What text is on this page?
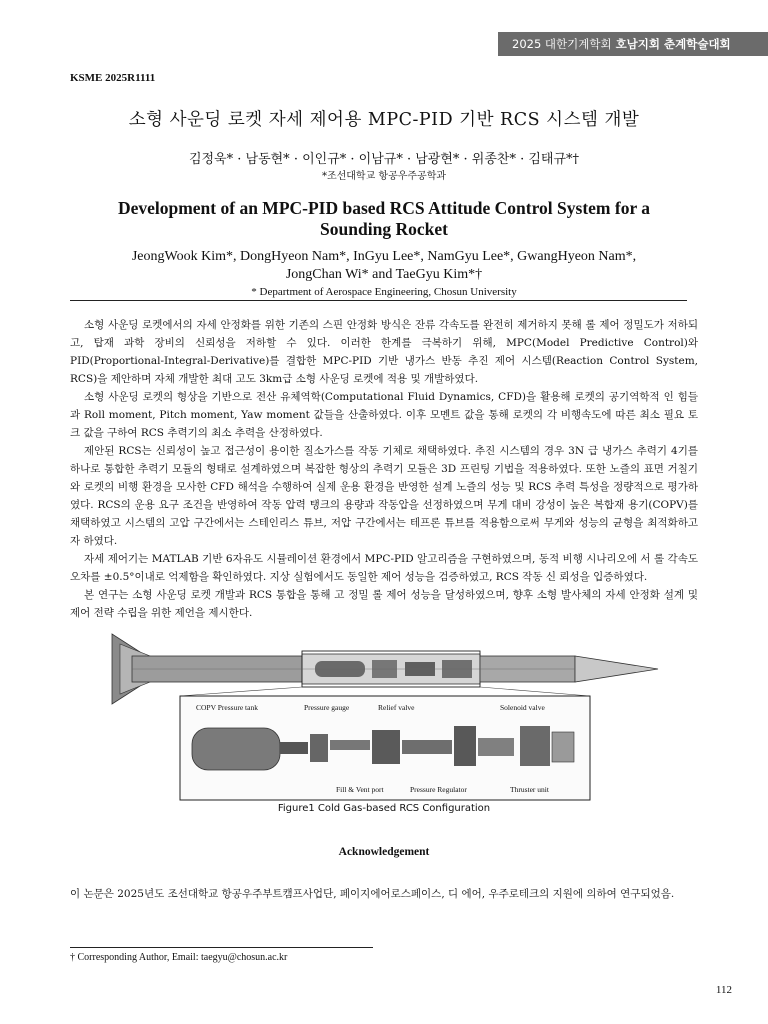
2025 대한기계학회 호남지회 춘계학술대회
KSME 2025R1111
소형 사운딩 로켓 자세 제어용 MPC-PID 기반 RCS 시스템 개발
김정욱* · 남동현* · 이인규* · 이남규* · 남광현* · 위종찬* · 김태규*†
*조선대학교 항공우주공학과
Development of an MPC-PID based RCS Attitude Control System for a
Sounding Rocket
JeongWook Kim*, DongHyeon Nam*, InGyu Lee*, NamGyu Lee*, GwangHyeon Nam*,
JongChan Wi* and TaeGyu Kim*†
* Department of Aerospace Engineering, Chosun University

소형 사운딩 로켓에서의 자세 안정화를 위한 기존의 스핀 안정화 방식은 잔류 각속도를 완전히 제거하지 못해 롤 제어 정밀도가 저하되고, 탑재 과학 장비의 신뢰성을 저하할 수 있다. 이러한 한계를 극복하기 위해, MPC(Model Predictive Control)와 PID(Proportional-Integral-Derivative)를 결합한 MPC-PID 기반 냉가스 반동 추진 제어 시스템(Reaction Control System, RCS)을 제안하며 자체 개발한 최대 고도 3km급 소형 사운딩 로켓에 적용 및 개발하였다.

소형 사운딩 로켓의 형상을 기반으로 전산 유체역학(Computational Fluid Dynamics, CFD)을 활용해 로켓의 공기역학적 인 힘들과 Roll moment, Pitch moment, Yaw moment 값들을 산출하였다. 이후 모멘트 값을 통해 로켓의 각 비행속도에 따른 최소 필요 토크 값을 구하여 RCS 추력기의 최소 추력을 산정하였다.

제안된 RCS는 신뢰성이 높고 접근성이 용이한 질소가스를 작동 기체로 채택하였다. 추진 시스템의 경우 3N 급 냉가스 추력기 4기를 하나로 통합한 추력기 모듈의 형태로 설계하였으며 복잡한 형상의 추력기 모듈은 3D 프린팅 기법을 적용하였다. 또한 노즐의 표면 거칠기와 로켓의 비행 환경을 모사한 CFD 해석을 수행하여 실제 운용 환경을 반영한 설계 노즐의 성능 및 RCS 추력 특성을 정량적으로 평가하였다. RCS의 운용 요구 조건을 반영하여 작동 압력 탱크의 용량과 작동압을 선정하였으며 무게 대비 강성이 높은 복합재 용기(COPV)를 채택하였고 시스템의 고압 구간에서는 스테인리스 튜브, 저압 구간에서는 테프론 튜브를 적용함으로써 무게와 성능의 균형을 최적화하고자 하였다.

자세 제어기는 MATLAB 기반 6자유도 시뮬레이션 환경에서 MPC-PID 알고리즘을 구현하였으며, 동적 비행 시나리오에 서 롤 각속도 오차를 ±0.5°이내로 억제함을 확인하였다. 지상 실험에서도 동일한 제어 성능을 검증하였고, RCS 작동 신 뢰성을 입증하였다.

본 연구는 소형 사운딩 로켓 개발과 RCS 통합을 통해 고 정밀 롤 제어 성능을 달성하였으며, 향후 소형 발사체의 자세 안정화 설계 및 제어 전략 수립을 위한 제언을 제시한다.

COPV Pressure tank	Pressure gauge	Relief valve	Solenoid valve
Fill & Vent port	Pressure Regulator	Thruster unit
Figure1 Cold Gas-based RCS Configuration
Acknowledgement
이 논문은 2025년도 조선대학교 항공우주부트캠프사업단, 페이지에어로스페이스, 디 에어, 우주로테크의 지원에 의하여 연구되었음.
† Corresponding Author, Email: taegyu@chosun.ac.kr
112
